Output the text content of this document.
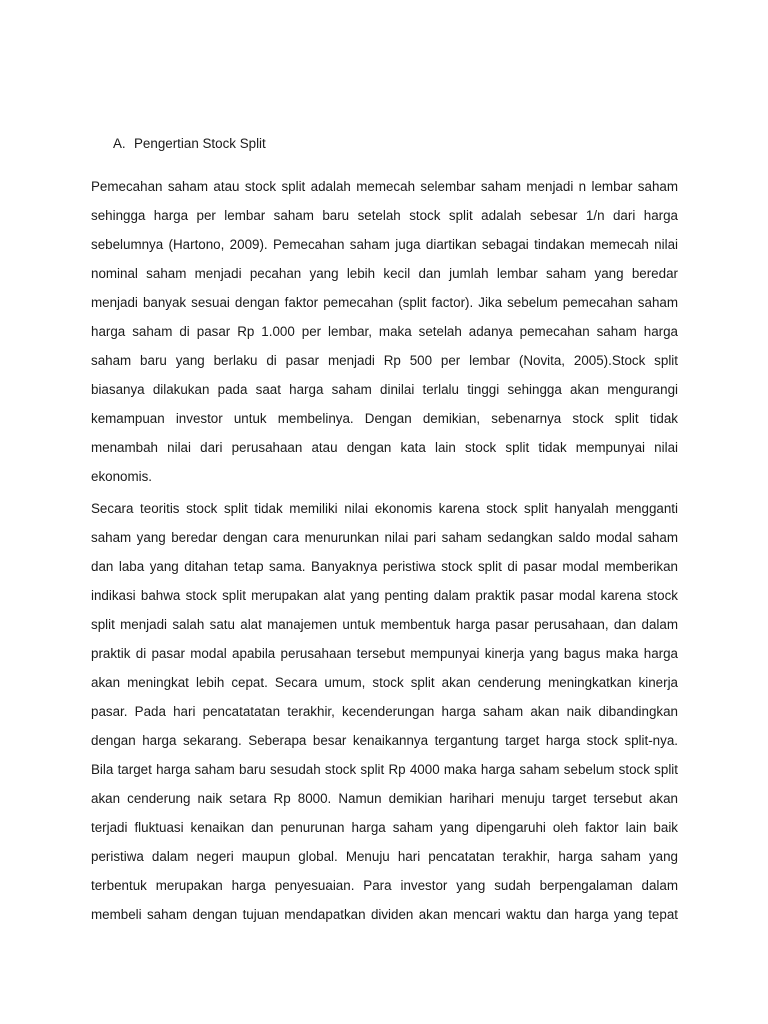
A. Pengertian Stock Split
Pemecahan saham atau stock split adalah memecah selembar saham menjadi n lembar saham
sehingga harga per lembar saham baru setelah stock split adalah sebesar 1/n dari harga
sebelumnya (Hartono, 2009). Pemecahan saham juga diartikan sebagai tindakan memecah nilai
nominal saham menjadi pecahan yang lebih kecil dan jumlah lembar saham yang beredar
menjadi banyak sesuai dengan faktor pemecahan (split factor). Jika sebelum pemecahan saham
harga saham di pasar Rp 1.000 per lembar, maka setelah adanya pemecahan saham harga
saham baru yang berlaku di pasar menjadi Rp 500 per lembar (Novita, 2005).Stock split
biasanya dilakukan pada saat harga saham dinilai terlalu tinggi sehingga akan mengurangi
kemampuan investor untuk membelinya. Dengan demikian, sebenarnya stock split tidak
menambah nilai dari perusahaan atau dengan kata lain stock split tidak mempunyai nilai
ekonomis.
Secara teoritis stock split tidak memiliki nilai ekonomis karena stock split hanyalah mengganti
saham yang beredar dengan cara menurunkan nilai pari saham sedangkan saldo modal saham
dan laba yang ditahan tetap sama. Banyaknya peristiwa stock split di pasar modal memberikan
indikasi bahwa stock split merupakan alat yang penting dalam praktik pasar modal karena stock
split menjadi salah satu alat manajemen untuk membentuk harga pasar perusahaan, dan dalam
praktik di pasar modal apabila perusahaan tersebut mempunyai kinerja yang bagus maka harga
akan meningkat lebih cepat. Secara umum, stock split akan cenderung meningkatkan kinerja
pasar. Pada hari pencatatatan terakhir, kecenderungan harga saham akan naik dibandingkan
dengan harga sekarang. Seberapa besar kenaikannya tergantung target harga stock split-nya.
Bila target harga saham baru sesudah stock split Rp 4000 maka harga saham sebelum stock split
akan cenderung naik setara Rp 8000. Namun demikian harihari menuju target tersebut akan
terjadi fluktuasi kenaikan dan penurunan harga saham yang dipengaruhi oleh faktor lain baik
peristiwa dalam negeri maupun global. Menuju hari pencatatan terakhir, harga saham yang
terbentuk merupakan harga penyesuaian. Para investor yang sudah berpengalaman dalam
membeli saham dengan tujuan mendapatkan dividen akan mencari waktu dan harga yang tepat
